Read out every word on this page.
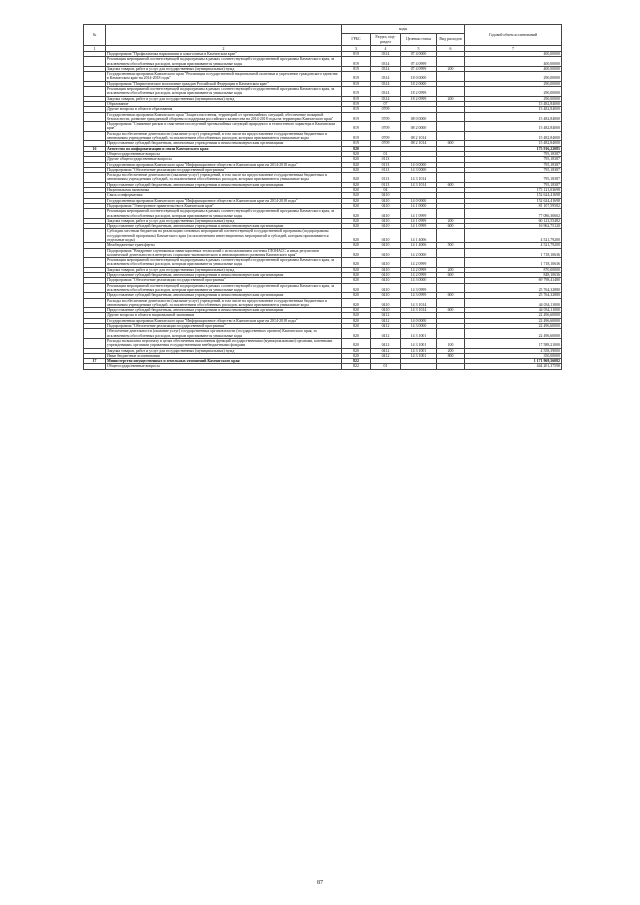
№		коды				Годовой объем ассигнований
		ГРБС	Раздел, под-раздел	Целевая статья	Вид расходов	
1	2	3	4	5	6	7
	Подпрограмма "Профилактика наркомании и алкоголизма в Камчатском крае"	819	0314	07 4 0000		400,00000
	Реализация мероприятий соответствующей подпрограммы в рамках соответствующей государственной программы Камчатского края, за исключением обособленных расходов, которым присваиваются уникальные коды	819	0314	07 4 0999		400,00000
	Закупка товаров, работ и услуг для государственных (муниципальных) нужд	819	0314	07 4 0999	200	400,00000
	Государственная программа Камчатского края "Реализация государственной национальной политики и укрепление гражданского единства в Камчатском крае на 2014-2018 годы"	819	0314	18 0 0000		290,00000
	Подпрограмма "Патриотическое воспитание граждан Российской Федерации в Камчатском крае"	819	0314	18 2 0000		290,00000
	Реализация мероприятий соответствующей подпрограммы в рамках соответствующей государственной программы Камчатского края, за исключением обособленных расходов, которым присваиваются уникальные коды	819	0314	18 2 0999		290,00000
	Закупка товаров, работ и услуг для государственных (муниципальных) нужд	819	0314	18 2 0999	200	290,00000
	Образование	819	07			15 482,84000
	Другие вопросы в области образования	819	0709			15 482,84000
	Государственная программа Камчатского края "Защита населения, территорий от чрезвычайных ситуаций, обеспечение пожарной безопасности, развитие гражданской обороны и поддержка российского казачества на 2014-2018 годы на территории Камчатского края"	819	0709	08 0 0000		15 482,84000
	Подпрограмма "Снижение рисков и смягчение последствий чрезвычайных ситуаций природного и техногенного характера в Камчатском крае"	819	0709	08 2 0000		15 482,84000
	Расходы на обеспечение деятельности (оказание услуг) учреждений, в том числе на предоставление государственным бюджетным и автономным учреждениям субсидий, за исключением обособленных расходов, которым присваиваются уникальные коды	819	0709	08 2 1014		15 482,84000
	Предоставление субсидий бюджетным, автономным учреждениям и иным некоммерческим организациям	819	0709	08 2 1014	600	15 482,84000
16	Агентство по информатизации и связи Камчатского края	820				175 916,22085
	Общегосударственные вопросы	820	01			795,18387
	Другие общегосударственные вопросы	820	0113			795,18387
	Государственная программа Камчатского края "Информационное общество в Камчатском крае на 2014-2018 годы"	820	0113	14 0 0000		795,18387
	Подпрограмма "Обеспечение реализации государственной программы"	820	0113	14 3 0000		795,18387
	Расходы на обеспечение деятельности (оказание услуг) учреждений, в том числе на предоставление государственным бюджетным и автономным учреждениям субсидий, за исключением обособленных расходов, которым присваиваются уникальные коды	820	0113	14 3 1014		795,18387
	Предоставление субсидий бюджетным, автономным учреждениям и иным некоммерческим организациям	820	0113	14 3 1014	600	795,18387
	Национальная экономика	820	04			175 121,03698
	Связь и информатика	820	0410			152 624,41698
	Государственная программа Камчатского края "Информационное общество в Камчатском крае на 2014-2018 годы"	820	0410	14 0 0000		152 624,41698
	Подпрограмма "Электронное правительство в Камчатском крае"	820	0410	14 1 0000		81 107,59582
	Реализация мероприятий соответствующей подпрограммы в рамках соответствующей государственной программы Камчатского края, за исключением обособленных расходов, которым присваиваются уникальные коды	820	0410	14 1 0999		77 086,30602
	Закупка товаров, работ и услуг для государственных (муниципальных) нужд	820	0410	14 1 0999	200	60 123,55482
	Предоставление субсидий бюджетным, автономным учреждениям и иным некоммерческим организациям	820	0410	14 1 0999	600	16 962,75120
	Субсидии местным бюджетам на реализацию основных мероприятий соответствующей государственной программы (подпрограммы государственной программы) Камчатского края (за исключением инвестиционных мероприятий и субсидий, которым присваиваются отдельные коды)	820	0410	14 1 4006		4 521,79200
	Межбюджетные трансферты	820	0410	14 1 4006	500	4 521,79200
	Подпрограмма "Внедрение спутниковых навигационных технологий с использованием системы ГЛОНАСС и иных результатов космической деятельности в интересах социально-экономического и инновационного развития Камчатского края"	820	0410	14 2 0000		1 718,10636
	Реализация мероприятий соответствующей подпрограммы в рамках соответствующей государственной программы Камчатского края, за исключением обособленных расходов, которым присваиваются уникальные коды	820	0410	14 2 0999		1 718,10636
	Закупка товаров, работ и услуг для государственных (муниципальных) нужд	820	0410	14 2 0999	200	870,00000
	Предоставление субсидий бюджетным, автономным учреждениям и иным некоммерческим организациям	820	0410	14 2 0999	600	848,10636
	Подпрограмма "Обеспечение реализации государственной программы"	820	0410	14 3 0000		69 798,41480
	Реализация мероприятий соответствующей подпрограммы в рамках соответствующей государственной программы Камчатского края, за исключением обособленных расходов, которым присваиваются уникальные коды	820	0410	14 3 0999		25 764,32880
	Предоставление субсидий бюджетным, автономным учреждениям и иным некоммерческим организациям	820	0410	14 3 0999	600	25 764,32880
	Расходы на обеспечение деятельности (оказание услуг) учреждений, в том числе на предоставление государственным бюджетным и автономным учреждениям субсидий, за исключением обособленных расходов, которым присваиваются уникальные коды	820	0410	14 3 1014		44 034,11000
	Предоставление субсидий бюджетным, автономным учреждениям и иным некоммерческим организациям	820	0410	14 3 1014	600	44 034,11000
	Другие вопросы в области национальной экономики	820	0412			22 496,60000
	Государственная программа Камчатского края "Информационное общество в Камчатском крае на 2014-2018 годы"	820	0412	14 0 0000		22 496,60000
	Подпрограмма "Обеспечение реализации государственной программы"	820	0412	14 3 0000		22 496,60000
	Обеспечение деятельности (оказание услуг) государственных органов власти (государственных органов) Камчатского края, за исключением обособленных расходов, которым присваиваются уникальные коды	820	0412	14 3 1001		22 496,60000
	Расходы на выплаты персоналу в целях обеспечения выполнения функций государственными (муниципальными) органами, казенными учреждениями, органами управления государственными внебюджетными фондами	820	0412	14 3 1001	100	17 588,21000
	Закупка товаров, работ и услуг для государственных (муниципальных) нужд	820	0412	14 3 1001	200	4 558,39000
	Иные бюджетные ассигнования	820	0412	14 3 1001	800	350,00000
17	Министерство имущественных и земельных отношений Камчатского края	822				1 171 969,56082
	Общегосударственные вопросы	822	01			444 201,37598
87
